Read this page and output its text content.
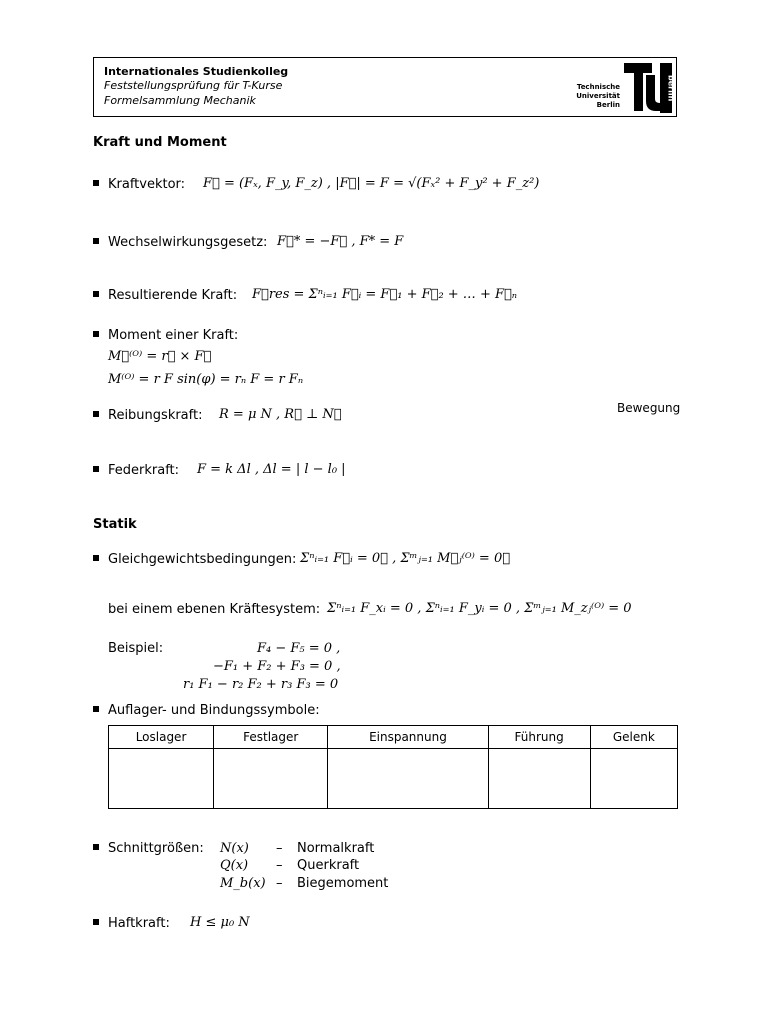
Internationales Studienkolleg
Feststellungsprüfung für T-Kurse
Formelsammlung Mechanik
Technische Universität Berlin
berlin
Kraft und Moment
Kraftvektor: F⃗ = (Fₓ, F_y, F_z) , |F⃗| = F = √(Fₓ² + F_y² + F_z²)
Wechselwirkungsgesetz: F⃗* = −F⃗ , F* = F
Resultierende Kraft: F⃗res = Σⁿᵢ₌₁ F⃗ᵢ = F⃗₁ + F⃗₂ + … + F⃗ₙ
Moment einer Kraft:
M⃗⁽ᴼ⁾ = r⃗ × F⃗
M⁽ᴼ⁾ = r F sin(φ) = rₙ F = r Fₙ
Reibungskraft: R = μ N , R⃗ ⊥ N⃗	Bewegung
Federkraft: F = k Δl , Δl = | l − l₀ |
Statik
Gleichgewichtsbedingungen: Σⁿᵢ₌₁ F⃗ᵢ = 0⃗ , Σᵐⱼ₌₁ M⃗ⱼ⁽ᴼ⁾ = 0⃗
bei einem ebenen Kräftesystem: Σⁿᵢ₌₁ F_xᵢ = 0 , Σⁿᵢ₌₁ F_yᵢ = 0 , Σᵐⱼ₌₁ M_zⱼ⁽ᴼ⁾ = 0
Beispiel:	F₄ − F₅ = 0 ,
−F₁ + F₂ + F₃ = 0 ,
r₁ F₁ − r₂ F₂ + r₃ F₃ = 0
Auflager- und Bindungssymbole:
Loslager	Festlager	Einspannung	Führung	Gelenk

Schnittgrößen: N(x) – Normalkraft
Q(x) – Querkraft
M_b(x) – Biegemoment
Haftkraft: H ≤ μ₀ N
